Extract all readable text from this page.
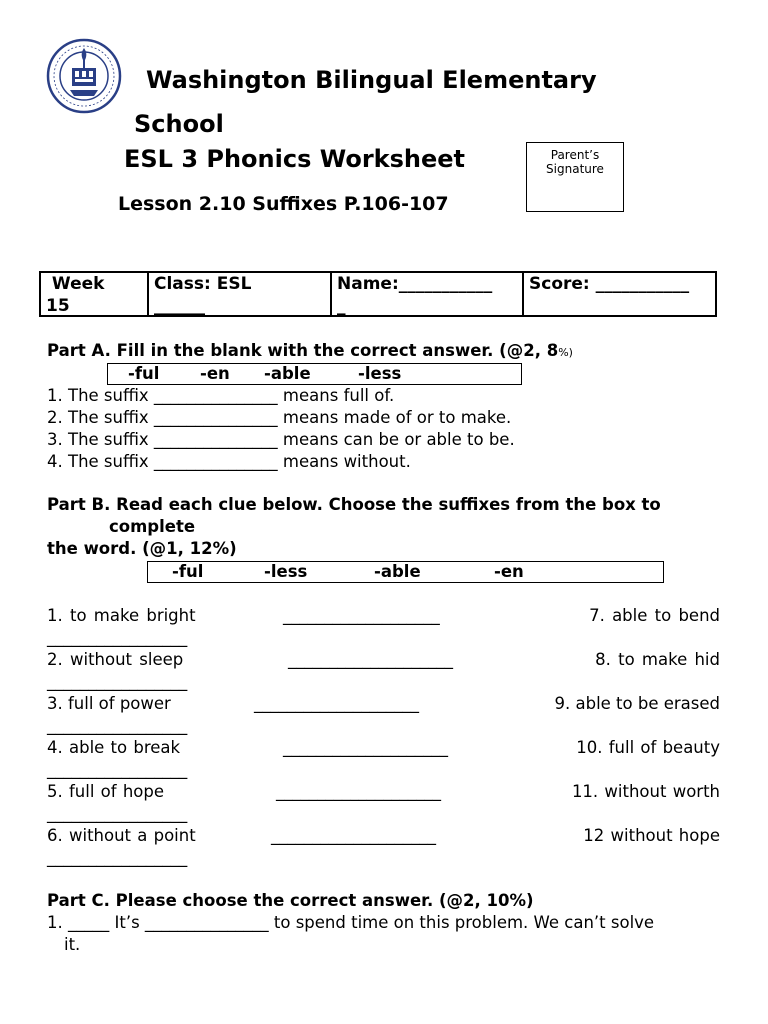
Washington Bilingual Elementary
School
ESL 3 Phonics Worksheet
Lesson 2.10 Suffixes P.106-107
Parent’s
Signature
Week
15
Class: ESL
______
Name:___________
_
Score: ___________
Part A. Fill in the blank with the correct answer. (@2, 8%)
-ful -en -able	-less
1. The suffix _______________ means full of.
2. The suffix _______________ means made of or to make.
3. The suffix _______________ means can be or able to be.
4. The suffix _______________ means without.
Part B. Read each clue below. Choose the suffixes from the box to
complete
the word. (@1, 12%)
-ful	-less	-able	-en
1. to make bright	___________________	7. able to bend
_________________
2. without sleep	____________________	8. to make hid
_________________
3. full of power	____________________	9. able to be erased
_________________
4. able to break	____________________	10. full of beauty
_________________
5. full of hope	____________________	11. without worth
_________________
6. without a point	____________________	12 without hope
_________________
Part C. Please choose the correct answer. (@2, 10%)
1. _____ It’s _______________ to spend time on this problem. We can’t solve
it.
